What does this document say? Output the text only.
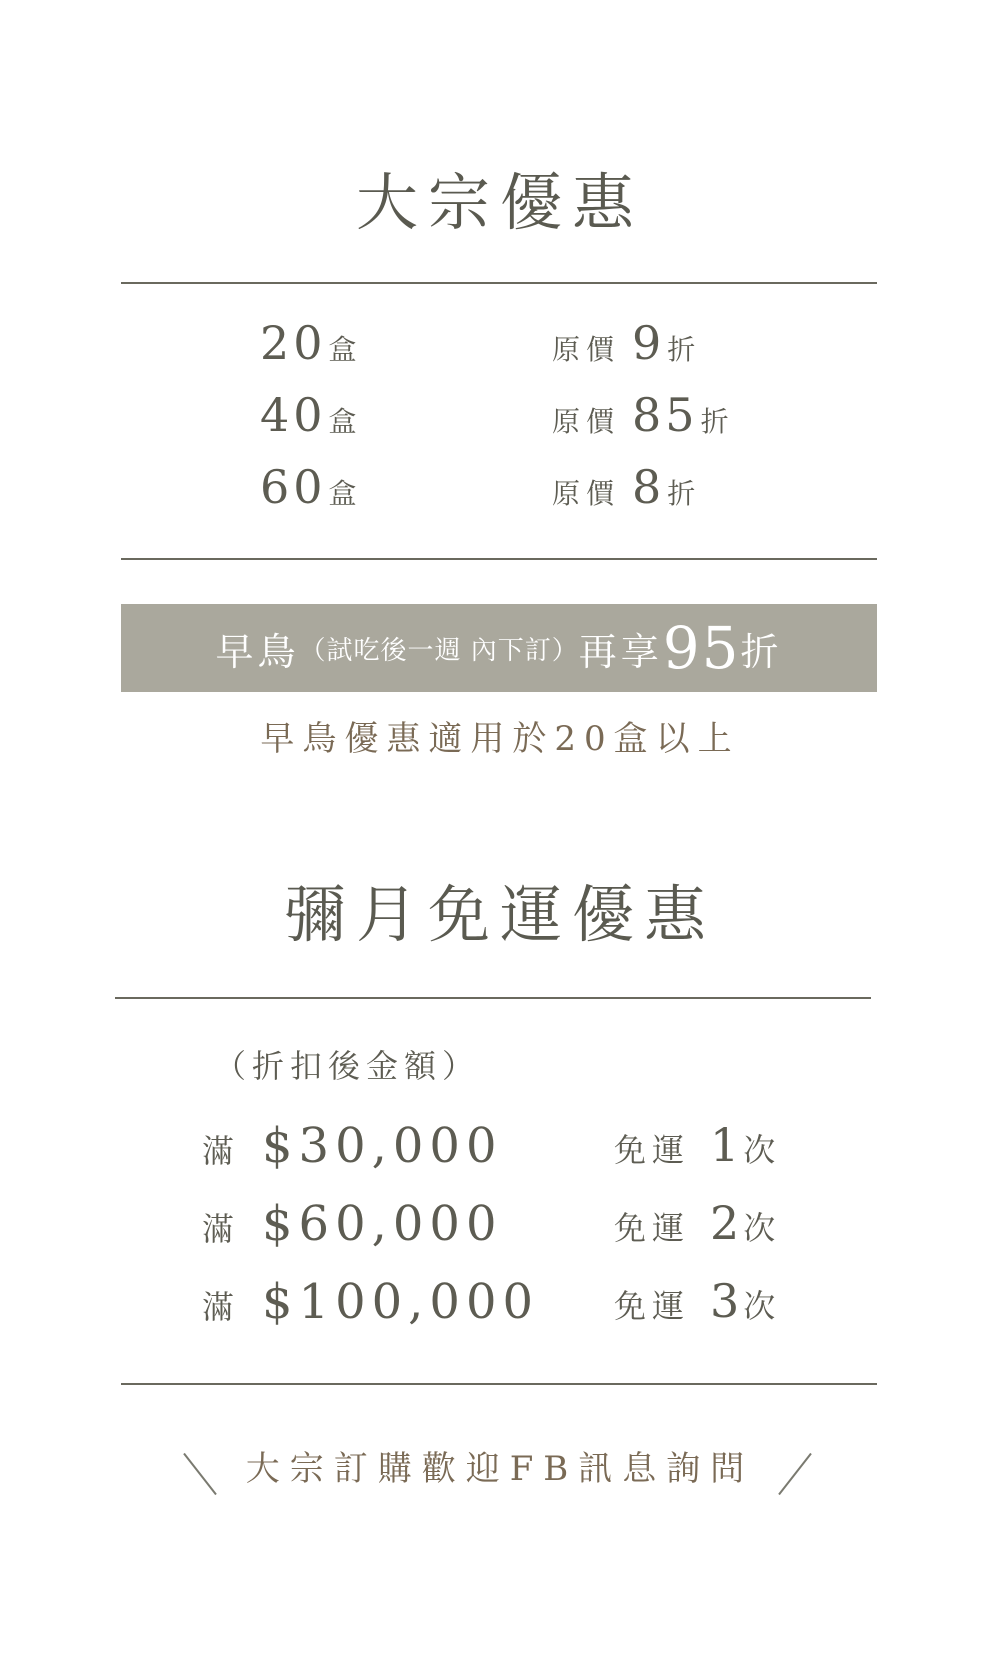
大宗優惠
20盒	原價 9折
40盒	原價 85折
60盒	原價 8折
早鳥 （試吃後一週 內下訂） 再享 95 折
早鳥優惠適用於20盒以上
彌月免運優惠
（折扣後金額）
滿 $30,000	免運 1 次
滿 $60,000	免運 2 次
滿 $100,000 免運 3 次
大宗訂購歡迎FB訊息詢問
